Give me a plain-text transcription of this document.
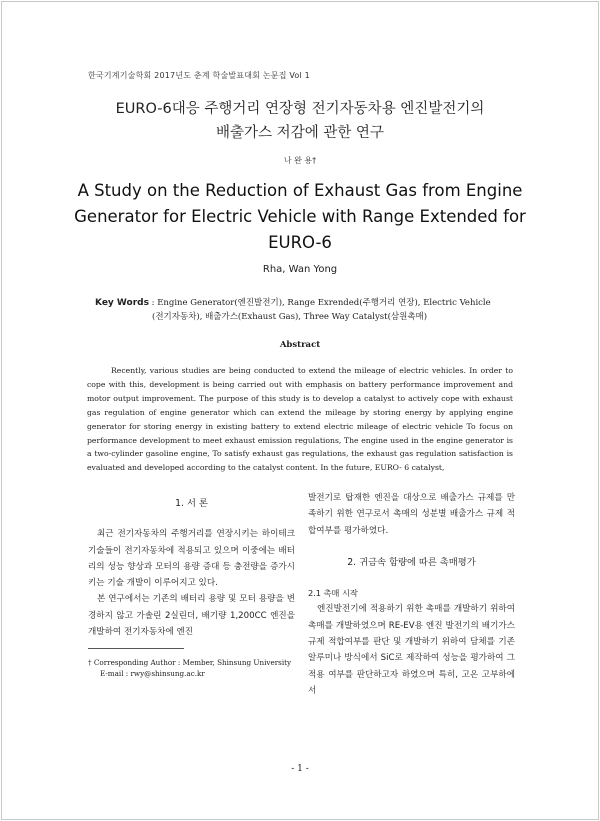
한국기계기술학회 2017년도 춘계 학술발표대회 논문집 Vol 1
EURO-6대응 주행거리 연장형 전기자동차용 엔진발전기의
배출가스 저감에 관한 연구
나 완 용†
A Study on the Reduction of Exhaust Gas from Engine
Generator for Electric Vehicle with Range Extended for
EURO-6
Rha, Wan Yong
Key Words : Engine Generator(엔진발전기), Range Exrended(주행거리 연장), Electric Vehicle
(전기자동차), 배출가스(Exhaust Gas), Three Way Catalyst(삼원촉매)
Abstract

Recently, various studies are being conducted to extend the mileage of electric vehicles. In order to cope with this, development is being carried out with emphasis on battery performance improvement and motor output improvement. The purpose of this study is to develop a catalyst to actively cope with exhaust gas regulation of engine generator which can extend the mileage by storing energy by applying engine generator for storing energy in existing battery to extend electric mileage of electric vehicle To focus on performance development to meet exhaust emission regulations, The engine used in the engine generator is a two-cylinder gasoline engine, To satisfy exhaust gas regulations, the exhaust gas regulation satisfaction is evaluated and developed according to the catalyst content. In the future, EURO- 6 catalyst,

1. 서 론

최근 전기자동차의 주행거리를 연장시키는 하이테크 기술들이 전기자동차에 적용되고 있으며 이중에는 배터리의 성능 향상과 모터의 용량 증대 등 충전량을 증가시키는 기술 개발이 이루어지고 있다.

본 연구에서는 기존의 배터리 용량 및 모터 용량을 변경하지 않고 가솔린 2실린더, 배기량 1,200CC 엔진을 개발하여 전기자동차에 엔진

발전기로 탑재한 엔진을 대상으로 배출가스 규제를 만족하기 위한 연구로서 촉매의 성분별 배출가스 규제 적합여부를 평가하였다.

2. 귀금속 함량에 따른 촉매평가

2.1 촉매 시작

엔진발전기에 적용하기 위한 촉매를 개발하기 위하여 촉매를 개발하였으며 RE-EV용 엔진 발전기의 배기가스 규제 적합여부를 판단 및 개발하기 위하여 담체를 기존 알루미나 방식에서 SiC로 제작하여 성능을 평가하여 그 적용 여부를 판단하고자 하였으며 특히, 고온 고부하에서

† Corresponding Author : Member, Shinsung University
E-mail : rwy@shinsung.ac.kr
- 1 -
